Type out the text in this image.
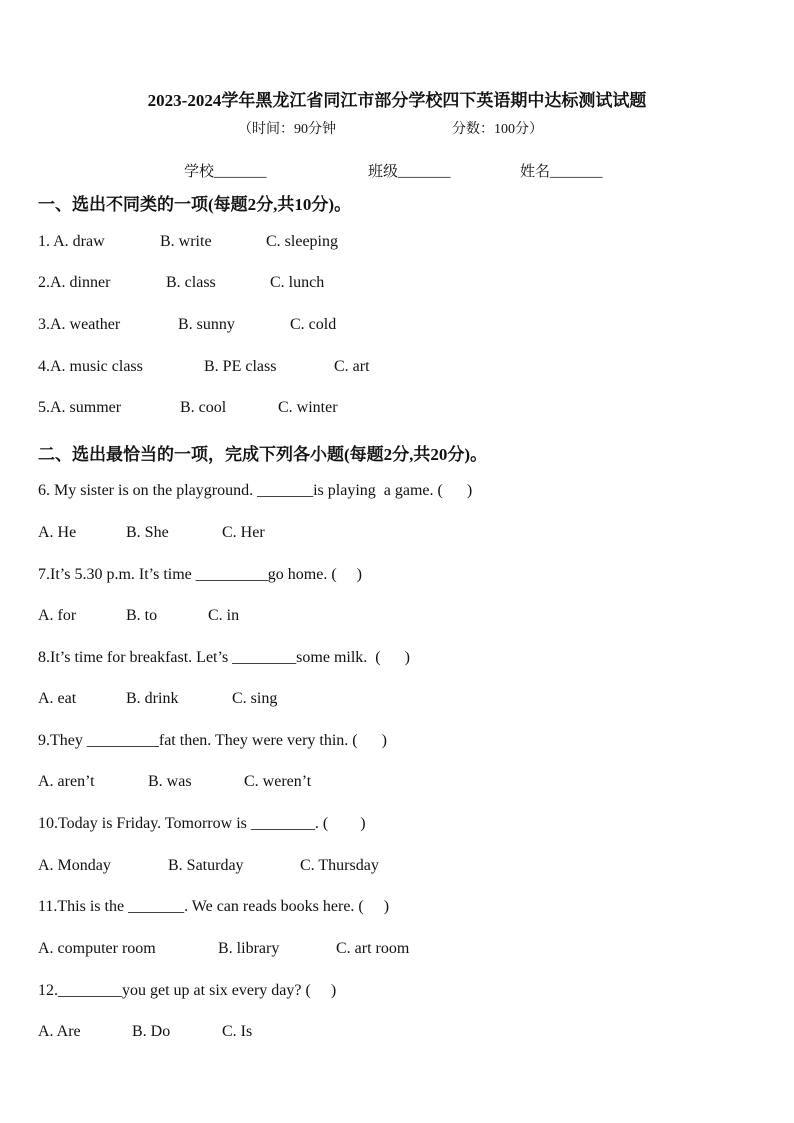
2023-2024学年黑龙江省同江市部分学校四下英语期中达标测试试题
（时间：90分钟	分数：100分）
学校_______	班级_______	姓名_______
一、选出不同类的一项(每题2分,共10分)。
1. A. draw	B. write	C. sleeping
2.A. dinner	B. class	C. lunch
3.A. weather	B. sunny	C. cold
4.A. music class	B. PE class	C. art
5.A. summer	B. cool	C. winter
二、选出最恰当的一项，完成下列各小题(每题2分,共20分)。
6. My sister is on the playground. _______is playing  a game. (      )
A. He	B. She	C. Her
7.It’s 5.30 p.m. It’s time _________go home. (     )
A. for	B. to	C. in
8.It’s time for breakfast. Let’s ________some milk.  (      )
A. eat	B. drink	C. sing
9.They _________fat then. They were very thin. (      )
A. aren’t	B. was	C. weren’t
10.Today is Friday. Tomorrow is ________. (        )
A. Monday	B. Saturday	C. Thursday
11.This is the _______. We can reads books here. (     )
A. computer room	B. library	C. art room
12.________you get up at six every day? (     )
A. Are	B. Do	C. Is
